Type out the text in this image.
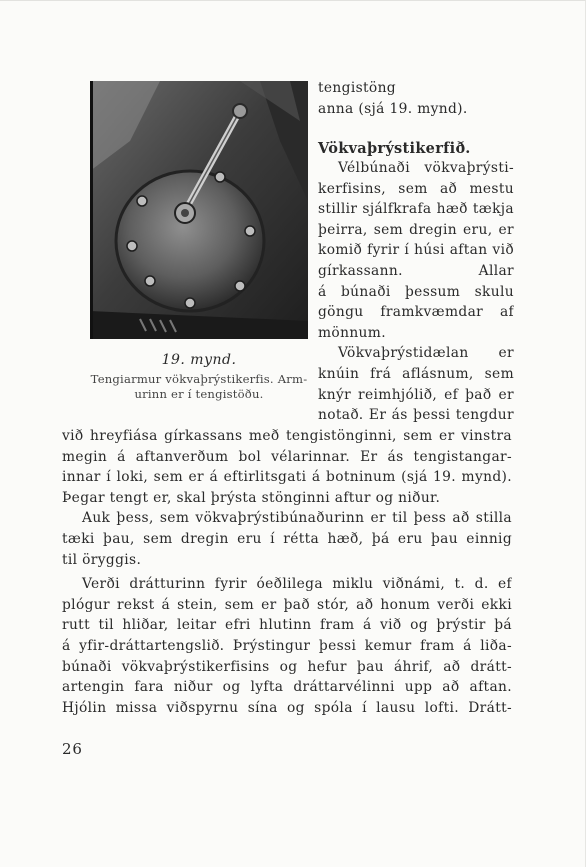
19. mynd.
Tengiarmur vökvaþrýstikerfis. Arm-
urinn er í tengistöðu.
tengistöng
anna (sjá 19. mynd).
Vökvaþrýstikerfið.
Vélbúnaði vökvaþrýsti-
kerfisins, sem að mestu
stillir sjálfkrafa hæð tækja
þeirra, sem dregin eru, er
komið fyrir í húsi aftan við
gírkassann. Allar
á búnaði þessum skulu
göngu framkvæmdar af
mönnum.
Vökvaþrýstidælan er
knúin frá aflásnum, sem
knýr reimhjólið, ef það er
notað. Er ás þessi tengdur
við hreyfiása gírkassans með tengistönginni, sem er vinstra
megin á aftanverðum bol vélarinnar. Er ás tengistangar-
innar í loki, sem er á eftirlitsgati á botninum (sjá 19. mynd).
Þegar tengt er, skal þrýsta stönginni aftur og niður.
Auk þess, sem vökvaþrýstibúnaðurinn er til þess að stilla
tæki þau, sem dregin eru í rétta hæð, þá eru þau einnig
til öryggis.
Verði drátturinn fyrir óeðlilega miklu viðnámi, t. d. ef
plógur rekst á stein, sem er það stór, að honum verði ekki
rutt til hliðar, leitar efri hlutinn fram á við og þrýstir þá
á yfir-dráttartengslið. Þrýstingur þessi kemur fram á liða-
búnaði vökvaþrýstikerfisins og hefur þau áhrif, að drátt-
artengin fara niður og lyfta dráttarvélinni upp að aftan.
Hjólin missa viðspyrnu sína og spóla í lausu lofti. Drátt-
26
